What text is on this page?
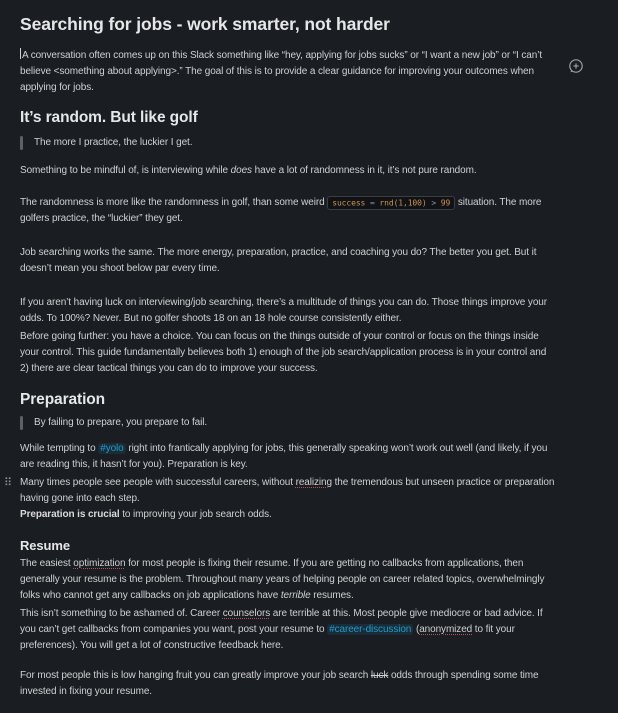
Searching for jobs - work smarter, not harder

A conversation often comes up on this Slack something like “hey, applying for jobs sucks” or “I want a new job” or “I can’t believe <something about applying>.” The goal of this is to provide a clear guidance for improving your outcomes when applying for jobs.

It’s random. But like golf
The more I practice, the luckier I get.

Something to be mindful of, is interviewing while does have a lot of randomness in it, it’s not pure random.

The randomness is more like the randomness in golf, than some weird success = rnd(1,100) > 99 situation. The more golfers practice, the “luckier” they get.

Job searching works the same. The more energy, preparation, practice, and coaching you do? The better you get. But it doesn’t mean you shoot below par every time.

If you aren’t having luck on interviewing/job searching, there’s a multitude of things you can do. Those things improve your odds. To 100%? Never. But no golfer shoots 18 on an 18 hole course consistently either.

Before going further: you have a choice. You can focus on the things outside of your control or focus on the things inside your control. This guide fundamentally believes both 1) enough of the job search/application process is in your control and 2) there are clear tactical things you can do to improve your success.

Preparation
By failing to prepare, you prepare to fail.

While tempting to #yolo right into frantically applying for jobs, this generally speaking won’t work out well (and likely, if you are reading this, it hasn’t for you). Preparation is key.

⠿ Many times people see people with successful careers, without realizing the tremendous but unseen practice or preparation having gone into each step.

Preparation is crucial to improving your job search odds.

Resume

The easiest optimization for most people is fixing their resume. If you are getting no callbacks from applications, then generally your resume is the problem. Throughout many years of helping people on career related topics, overwhelmingly folks who cannot get any callbacks on job applications have terrible resumes.

This isn’t something to be ashamed of. Career counselors are terrible at this. Most people give mediocre or bad advice. If you can’t get callbacks from companies you want, post your resume to #career-discussion (anonymized to fit your preferences). You will get a lot of constructive feedback here.

For most people this is low hanging fruit you can greatly improve your job search luck odds through spending some time invested in fixing your resume.
